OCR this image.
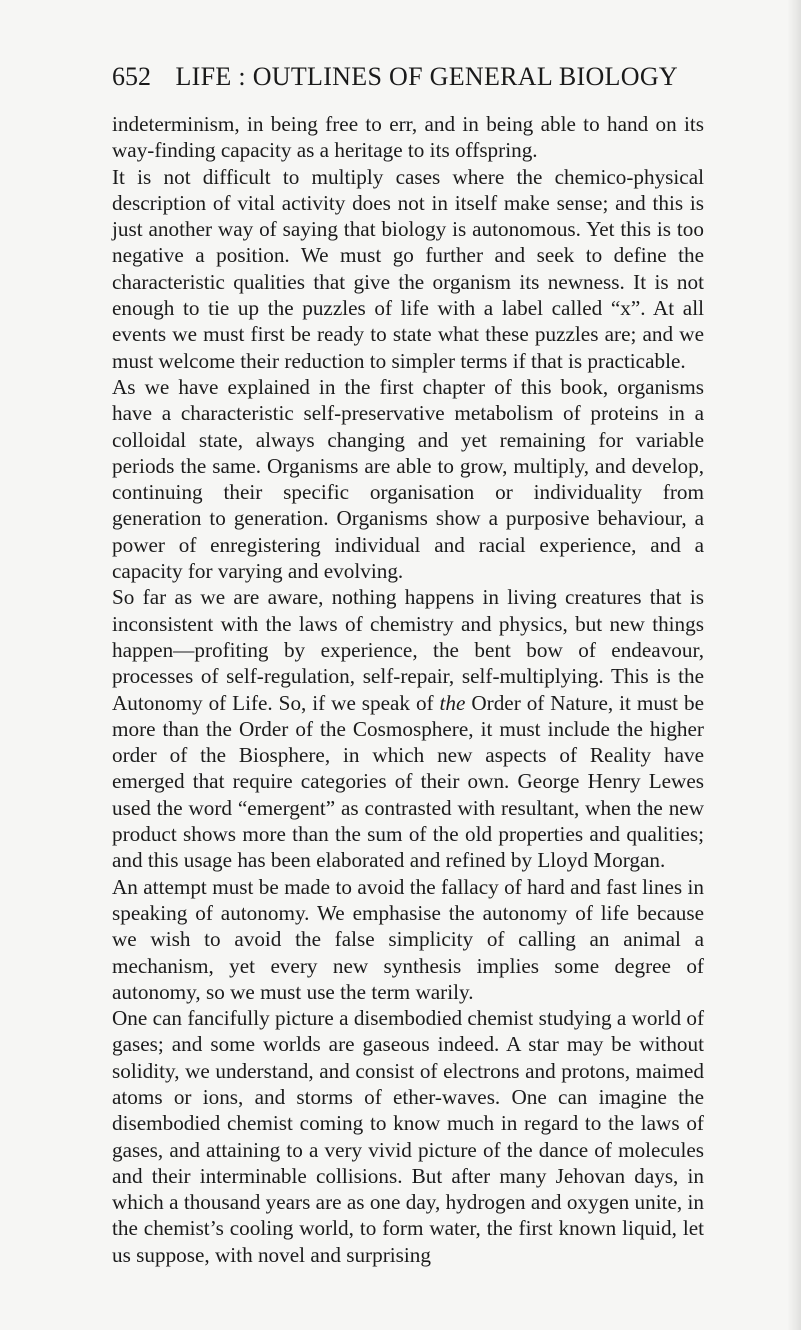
652 LIFE : OUTLINES OF GENERAL BIOLOGY

indeterminism, in being free to err, and in being able to hand on its way-finding capacity as a heritage to its offspring.

It is not difficult to multiply cases where the chemico-physical description of vital activity does not in itself make sense; and this is just another way of saying that biology is autonomous. Yet this is too negative a position. We must go further and seek to define the characteristic qualities that give the organism its newness. It is not enough to tie up the puzzles of life with a label called “x”. At all events we must first be ready to state what these puzzles are; and we must welcome their reduction to simpler terms if that is practicable.

As we have explained in the first chapter of this book, organisms have a characteristic self-preservative metabolism of proteins in a colloidal state, always changing and yet remaining for variable periods the same. Organisms are able to grow, multiply, and develop, continuing their specific organisation or individuality from generation to generation. Organisms show a purposive behaviour, a power of enregistering individual and racial experience, and a capacity for varying and evolving.

So far as we are aware, nothing happens in living creatures that is inconsistent with the laws of chemistry and physics, but new things happen—profiting by experience, the bent bow of endeavour, processes of self-regulation, self-repair, self-multiplying. This is the Autonomy of Life. So, if we speak of the Order of Nature, it must be more than the Order of the Cosmosphere, it must include the higher order of the Biosphere, in which new aspects of Reality have emerged that require categories of their own. George Henry Lewes used the word “emergent” as contrasted with resultant, when the new product shows more than the sum of the old properties and qualities; and this usage has been elaborated and refined by Lloyd Morgan.

An attempt must be made to avoid the fallacy of hard and fast lines in speaking of autonomy. We emphasise the autonomy of life because we wish to avoid the false simplicity of calling an animal a mechanism, yet every new synthesis implies some degree of autonomy, so we must use the term warily.

One can fancifully picture a disembodied chemist studying a world of gases; and some worlds are gaseous indeed. A star may be without solidity, we understand, and consist of electrons and protons, maimed atoms or ions, and storms of ether-waves. One can imagine the disembodied chemist coming to know much in regard to the laws of gases, and attaining to a very vivid picture of the dance of molecules and their interminable collisions. But after many Jehovan days, in which a thousand years are as one day, hydrogen and oxygen unite, in the chemist’s cooling world, to form water, the first known liquid, let us suppose, with novel and surprising
